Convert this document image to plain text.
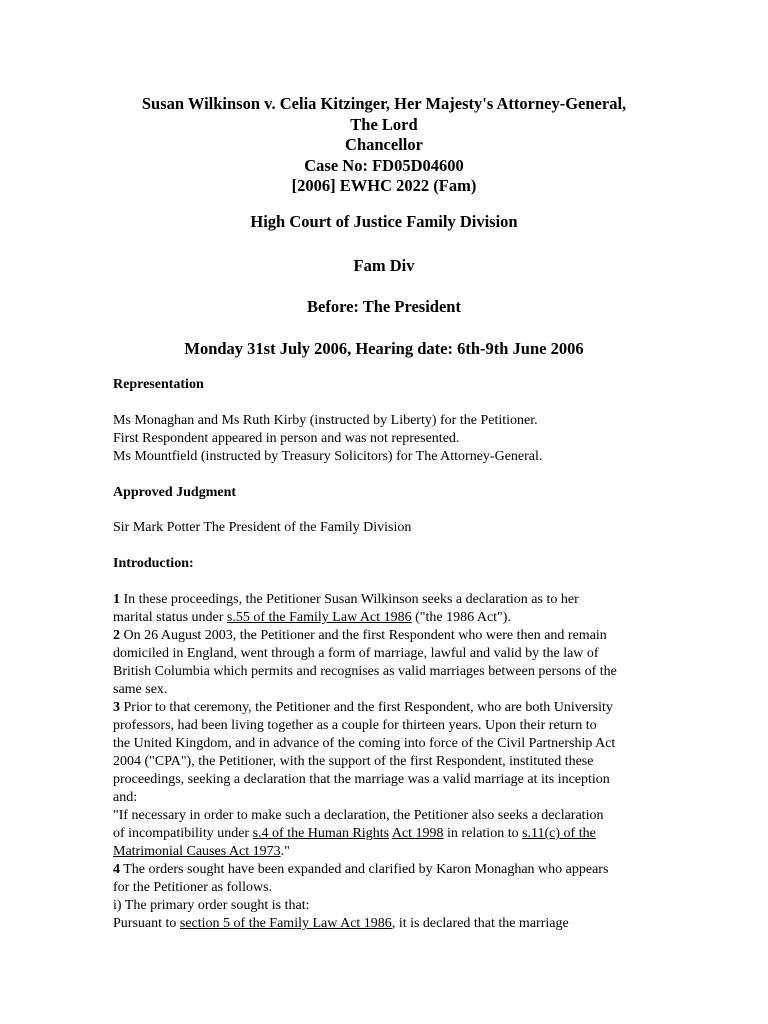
Susan Wilkinson v. Celia Kitzinger, Her Majesty's Attorney-General,
The Lord
Chancellor
Case No: FD05D04600
[2006] EWHC 2022 (Fam)
High Court of Justice Family Division
Fam Div
Before: The President
Monday 31st July 2006, Hearing date: 6th-9th June 2006
Representation
Ms Monaghan and Ms Ruth Kirby (instructed by Liberty) for the Petitioner.
First Respondent appeared in person and was not represented.
Ms Mountfield (instructed by Treasury Solicitors) for The Attorney-General.
Approved Judgment
Sir Mark Potter The President of the Family Division
Introduction:
1 In these proceedings, the Petitioner Susan Wilkinson seeks a declaration as to her
marital status under s.55 of the Family Law Act 1986 ("the 1986 Act").
2 On 26 August 2003, the Petitioner and the first Respondent who were then and remain
domiciled in England, went through a form of marriage, lawful and valid by the law of
British Columbia which permits and recognises as valid marriages between persons of the
same sex.
3 Prior to that ceremony, the Petitioner and the first Respondent, who are both University
professors, had been living together as a couple for thirteen years. Upon their return to
the United Kingdom, and in advance of the coming into force of the Civil Partnership Act
2004 ("CPA"), the Petitioner, with the support of the first Respondent, instituted these
proceedings, seeking a declaration that the marriage was a valid marriage at its inception
and:
"If necessary in order to make such a declaration, the Petitioner also seeks a declaration
of incompatibility under s.4 of the Human Rights Act 1998 in relation to s.11(c) of the
Matrimonial Causes Act 1973."
4 The orders sought have been expanded and clarified by Karon Monaghan who appears
for the Petitioner as follows.
i) The primary order sought is that:
Pursuant to section 5 of the Family Law Act 1986, it is declared that the marriage
